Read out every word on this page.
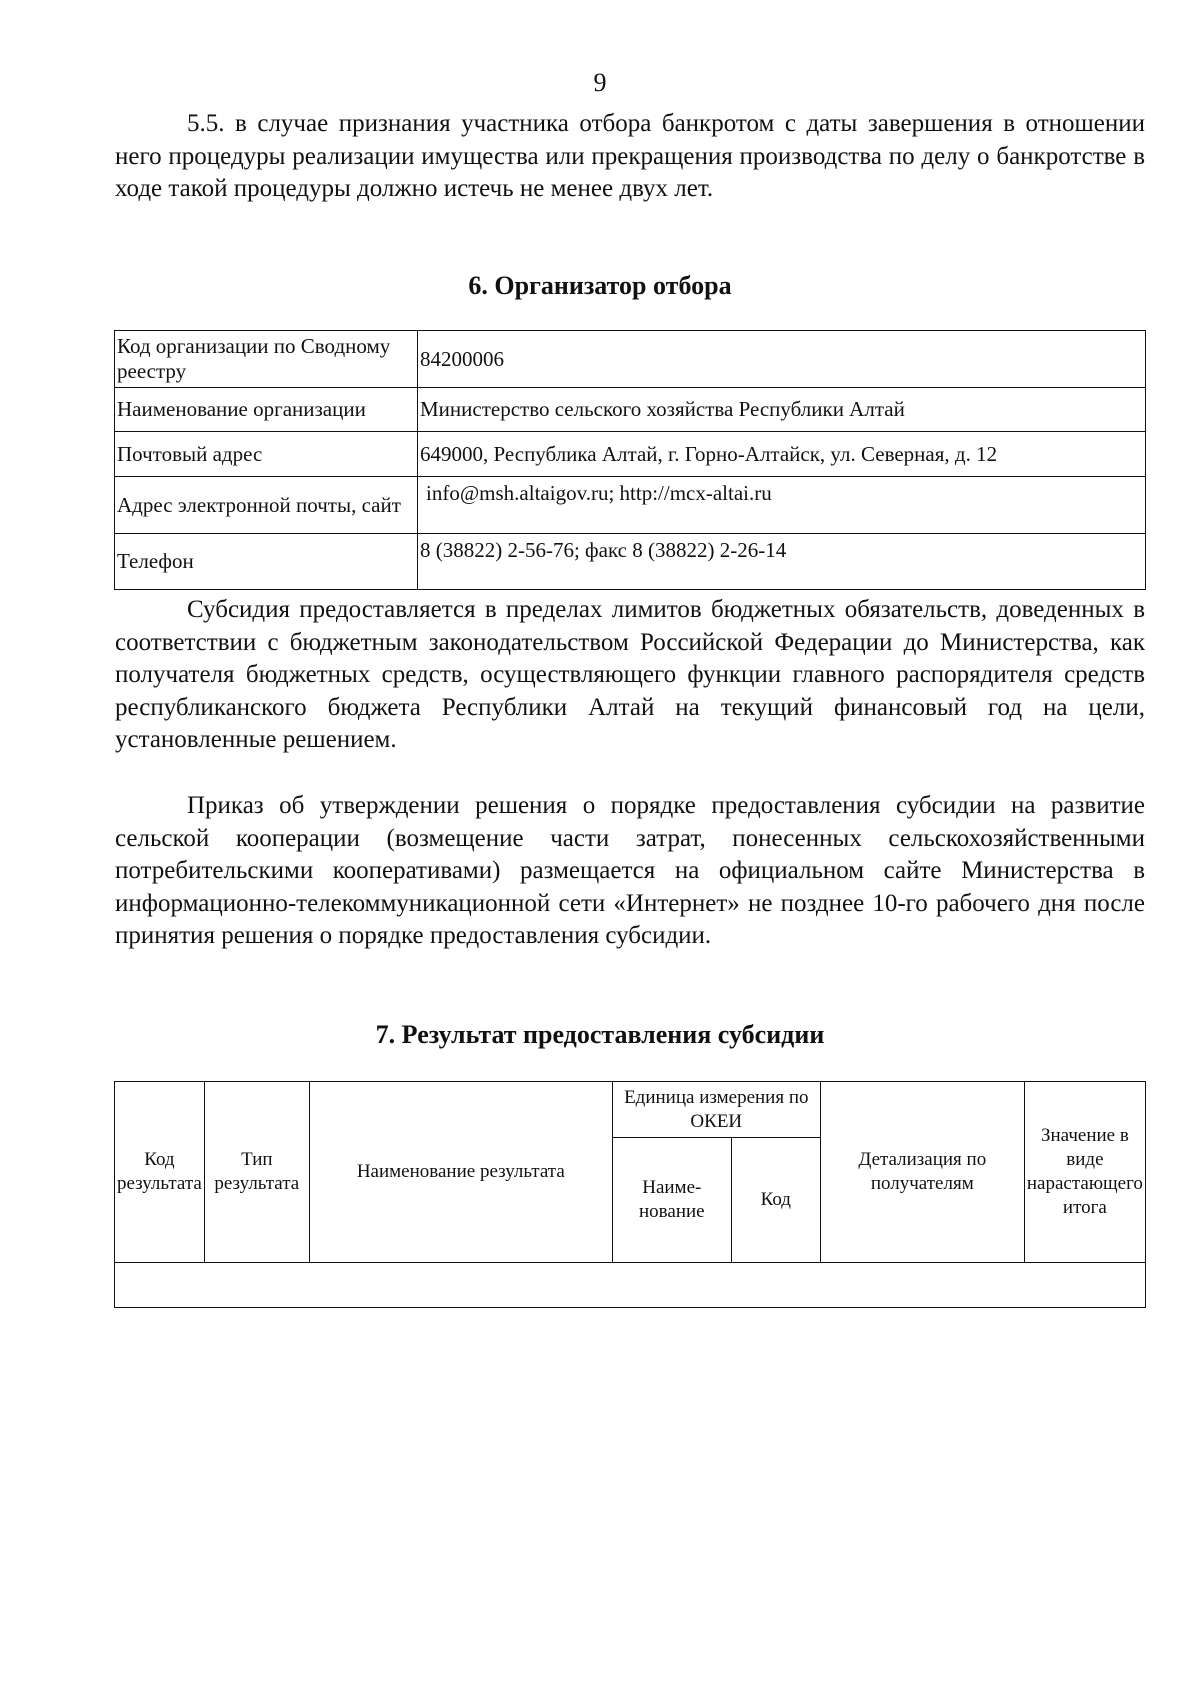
9

5.5. в случае признания участника отбора банкротом с даты завершения в отношении него процедуры реализации имущества или прекращения производства по делу о банкротстве в ходе такой процедуры должно истечь не менее двух лет.

6. Организатор отбора
Код организации по Сводному реестру	84200006
Наименование организации	Министерство сельского хозяйства Республики Алтай
Почтовый адрес	649000, Республика Алтай, г. Горно-Алтайск, ул. Северная, д. 12
Адрес электронной почты, сайт	info@msh.altaigov.ru; http://mcx-altai.ru
Телефон	8 (38822) 2-56-76; факс 8 (38822) 2-26-14

Субсидия предоставляется в пределах лимитов бюджетных обязательств, доведенных в соответствии с бюджетным законодательством Российской Федерации до Министерства, как получателя бюджетных средств, осуществляющего функции главного распорядителя средств республиканского бюджета Республики Алтай на текущий финансовый год на цели, установленные решением.

Приказ об утверждении решения о порядке предоставления субсидии на развитие сельской кооперации (возмещение части затрат, понесенных сельскохозяйственными потребительскими кооперативами) размещается на официальном сайте Министерства в информационно-телекоммуникационной сети «Интернет» не позднее 10-го рабочего дня после принятия решения о порядке предоставления субсидии.

7. Результат предоставления субсидии
Код результата	Тип результата	Наименование результата	Единица измерения по ОКЕИ		Детализация по получателям	Значение в виде нарастающего итога
			Наиме-нование	Код		
